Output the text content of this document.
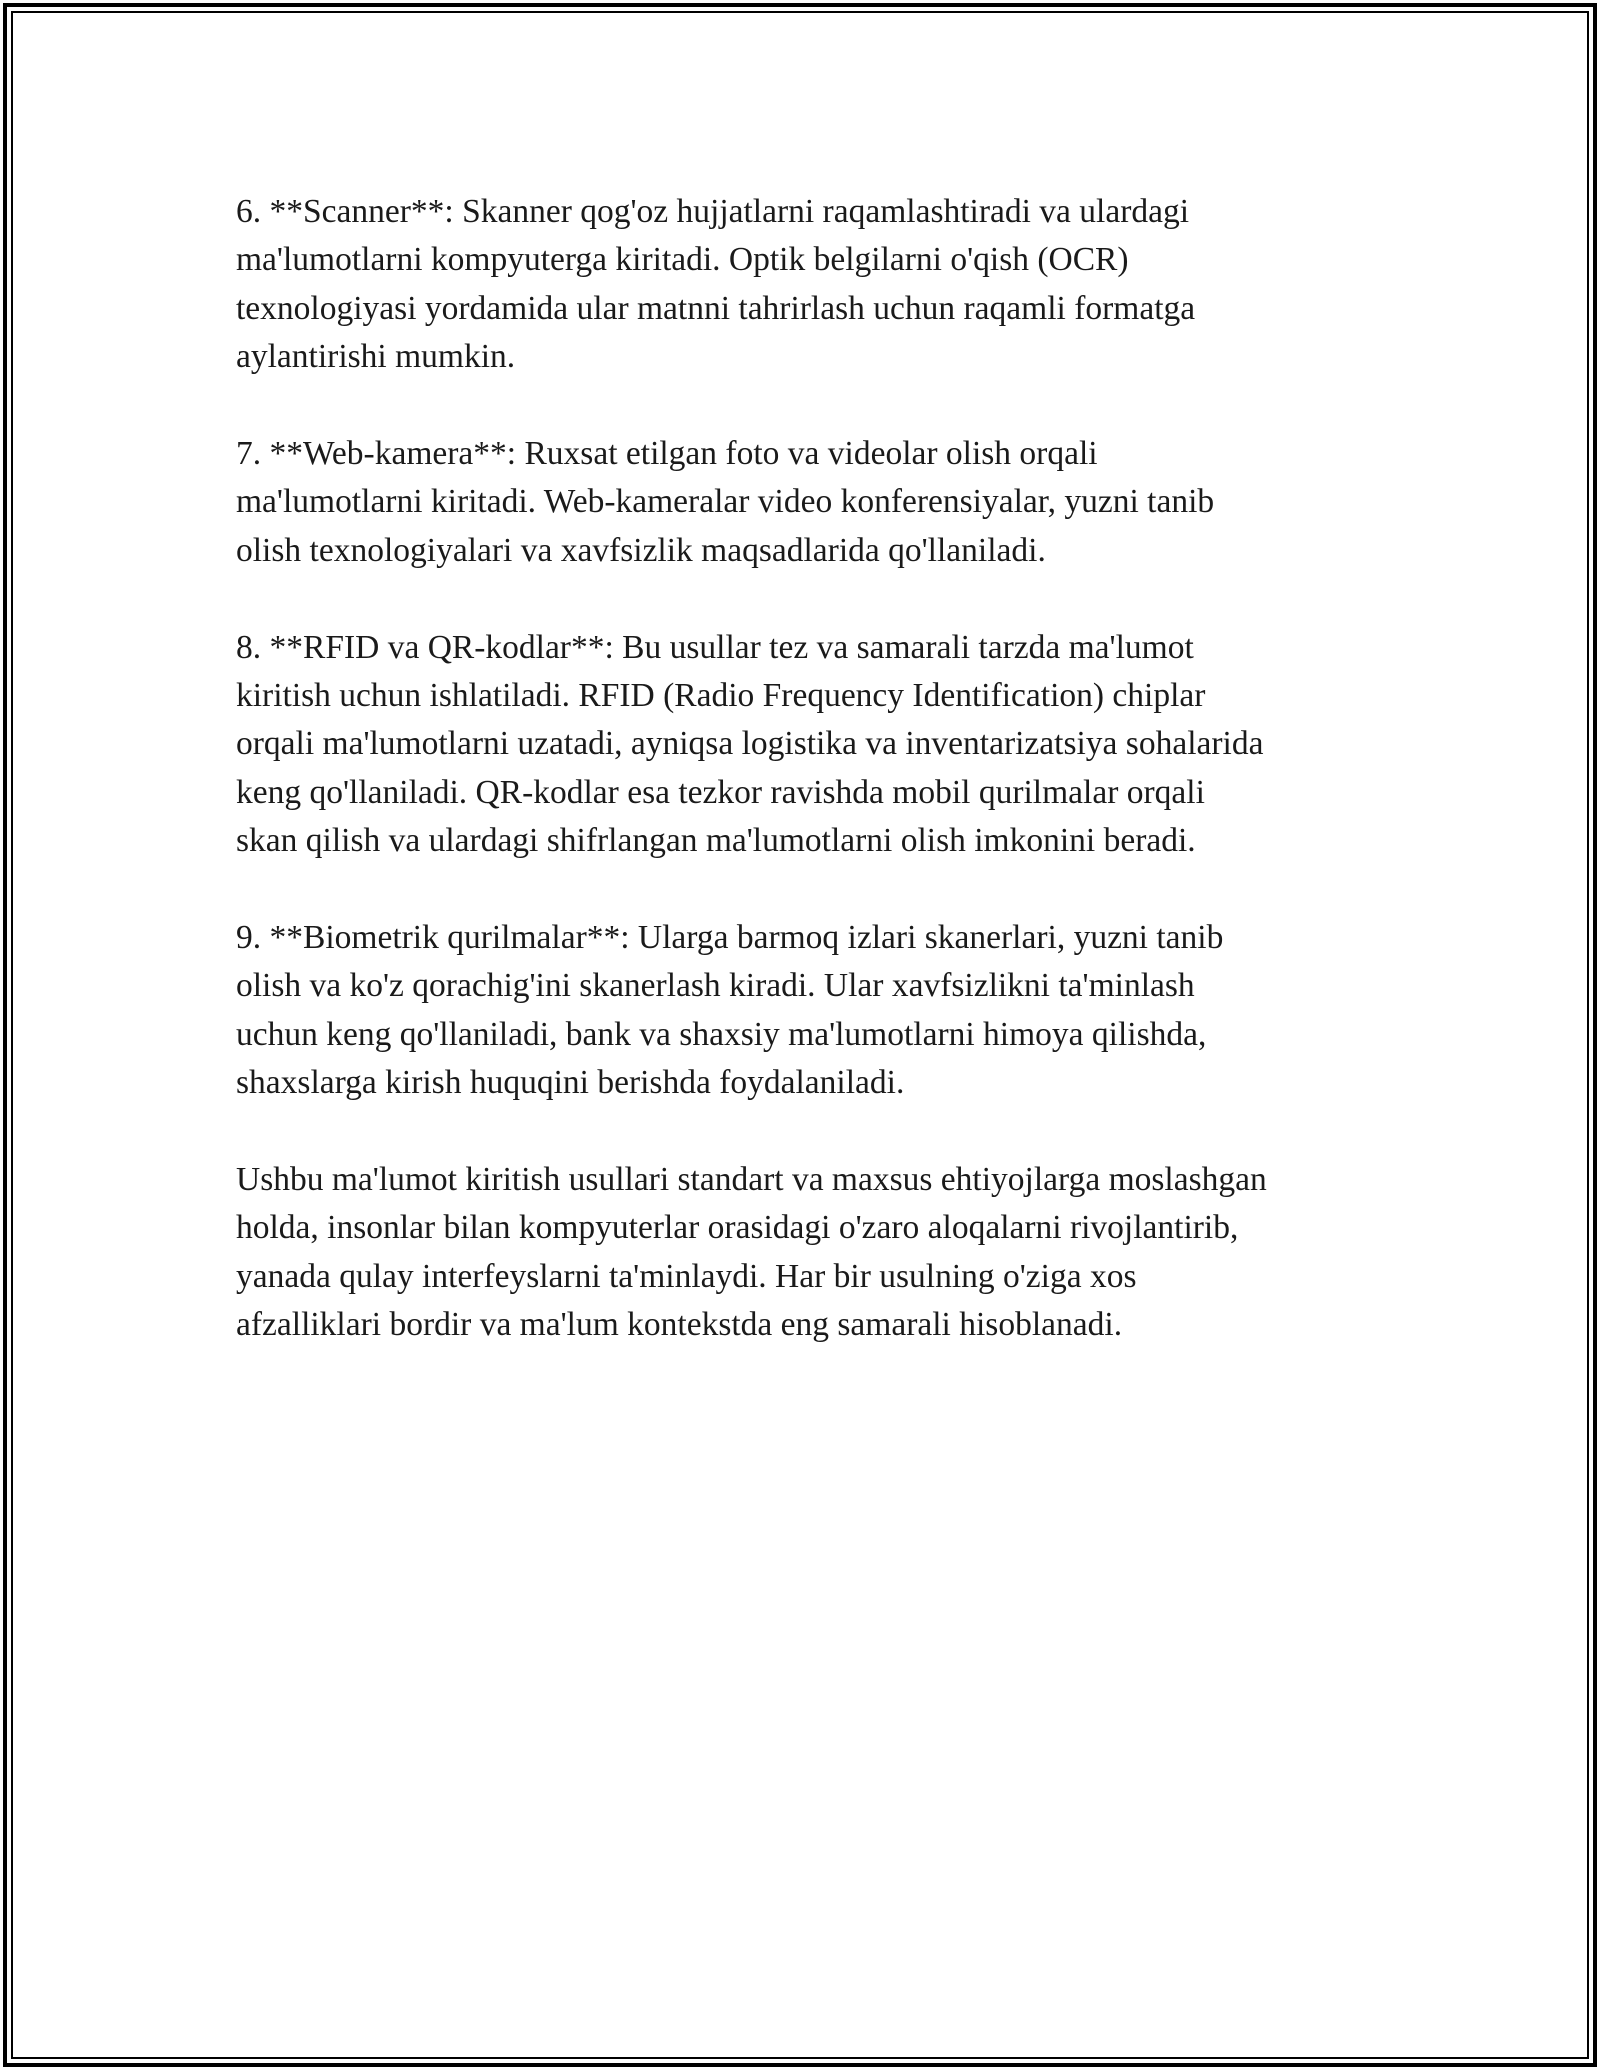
6. **Scanner**: Skanner qog'oz hujjatlarni raqamlashtiradi va ulardagi
ma'lumotlarni kompyuterga kiritadi. Optik belgilarni o'qish (OCR)
texnologiyasi yordamida ular matnni tahrirlash uchun raqamli formatga
aylantirishi mumkin.

7. **Web-kamera**: Ruxsat etilgan foto va videolar olish orqali
ma'lumotlarni kiritadi. Web-kameralar video konferensiyalar, yuzni tanib
olish texnologiyalari va xavfsizlik maqsadlarida qo'llaniladi.

8. **RFID va QR-kodlar**: Bu usullar tez va samarali tarzda ma'lumot
kiritish uchun ishlatiladi. RFID (Radio Frequency Identification) chiplar
orqali ma'lumotlarni uzatadi, ayniqsa logistika va inventarizatsiya sohalarida
keng qo'llaniladi. QR-kodlar esa tezkor ravishda mobil qurilmalar orqali
skan qilish va ulardagi shifrlangan ma'lumotlarni olish imkonini beradi.

9. **Biometrik qurilmalar**: Ularga barmoq izlari skanerlari, yuzni tanib
olish va ko'z qorachig'ini skanerlash kiradi. Ular xavfsizlikni ta'minlash
uchun keng qo'llaniladi, bank va shaxsiy ma'lumotlarni himoya qilishda,
shaxslarga kirish huquqini berishda foydalaniladi.

Ushbu ma'lumot kiritish usullari standart va maxsus ehtiyojlarga moslashgan
holda, insonlar bilan kompyuterlar orasidagi o'zaro aloqalarni rivojlantirib,
yanada qulay interfeyslarni ta'minlaydi. Har bir usulning o'ziga xos
afzalliklari bordir va ma'lum kontekstda eng samarali hisoblanadi.
